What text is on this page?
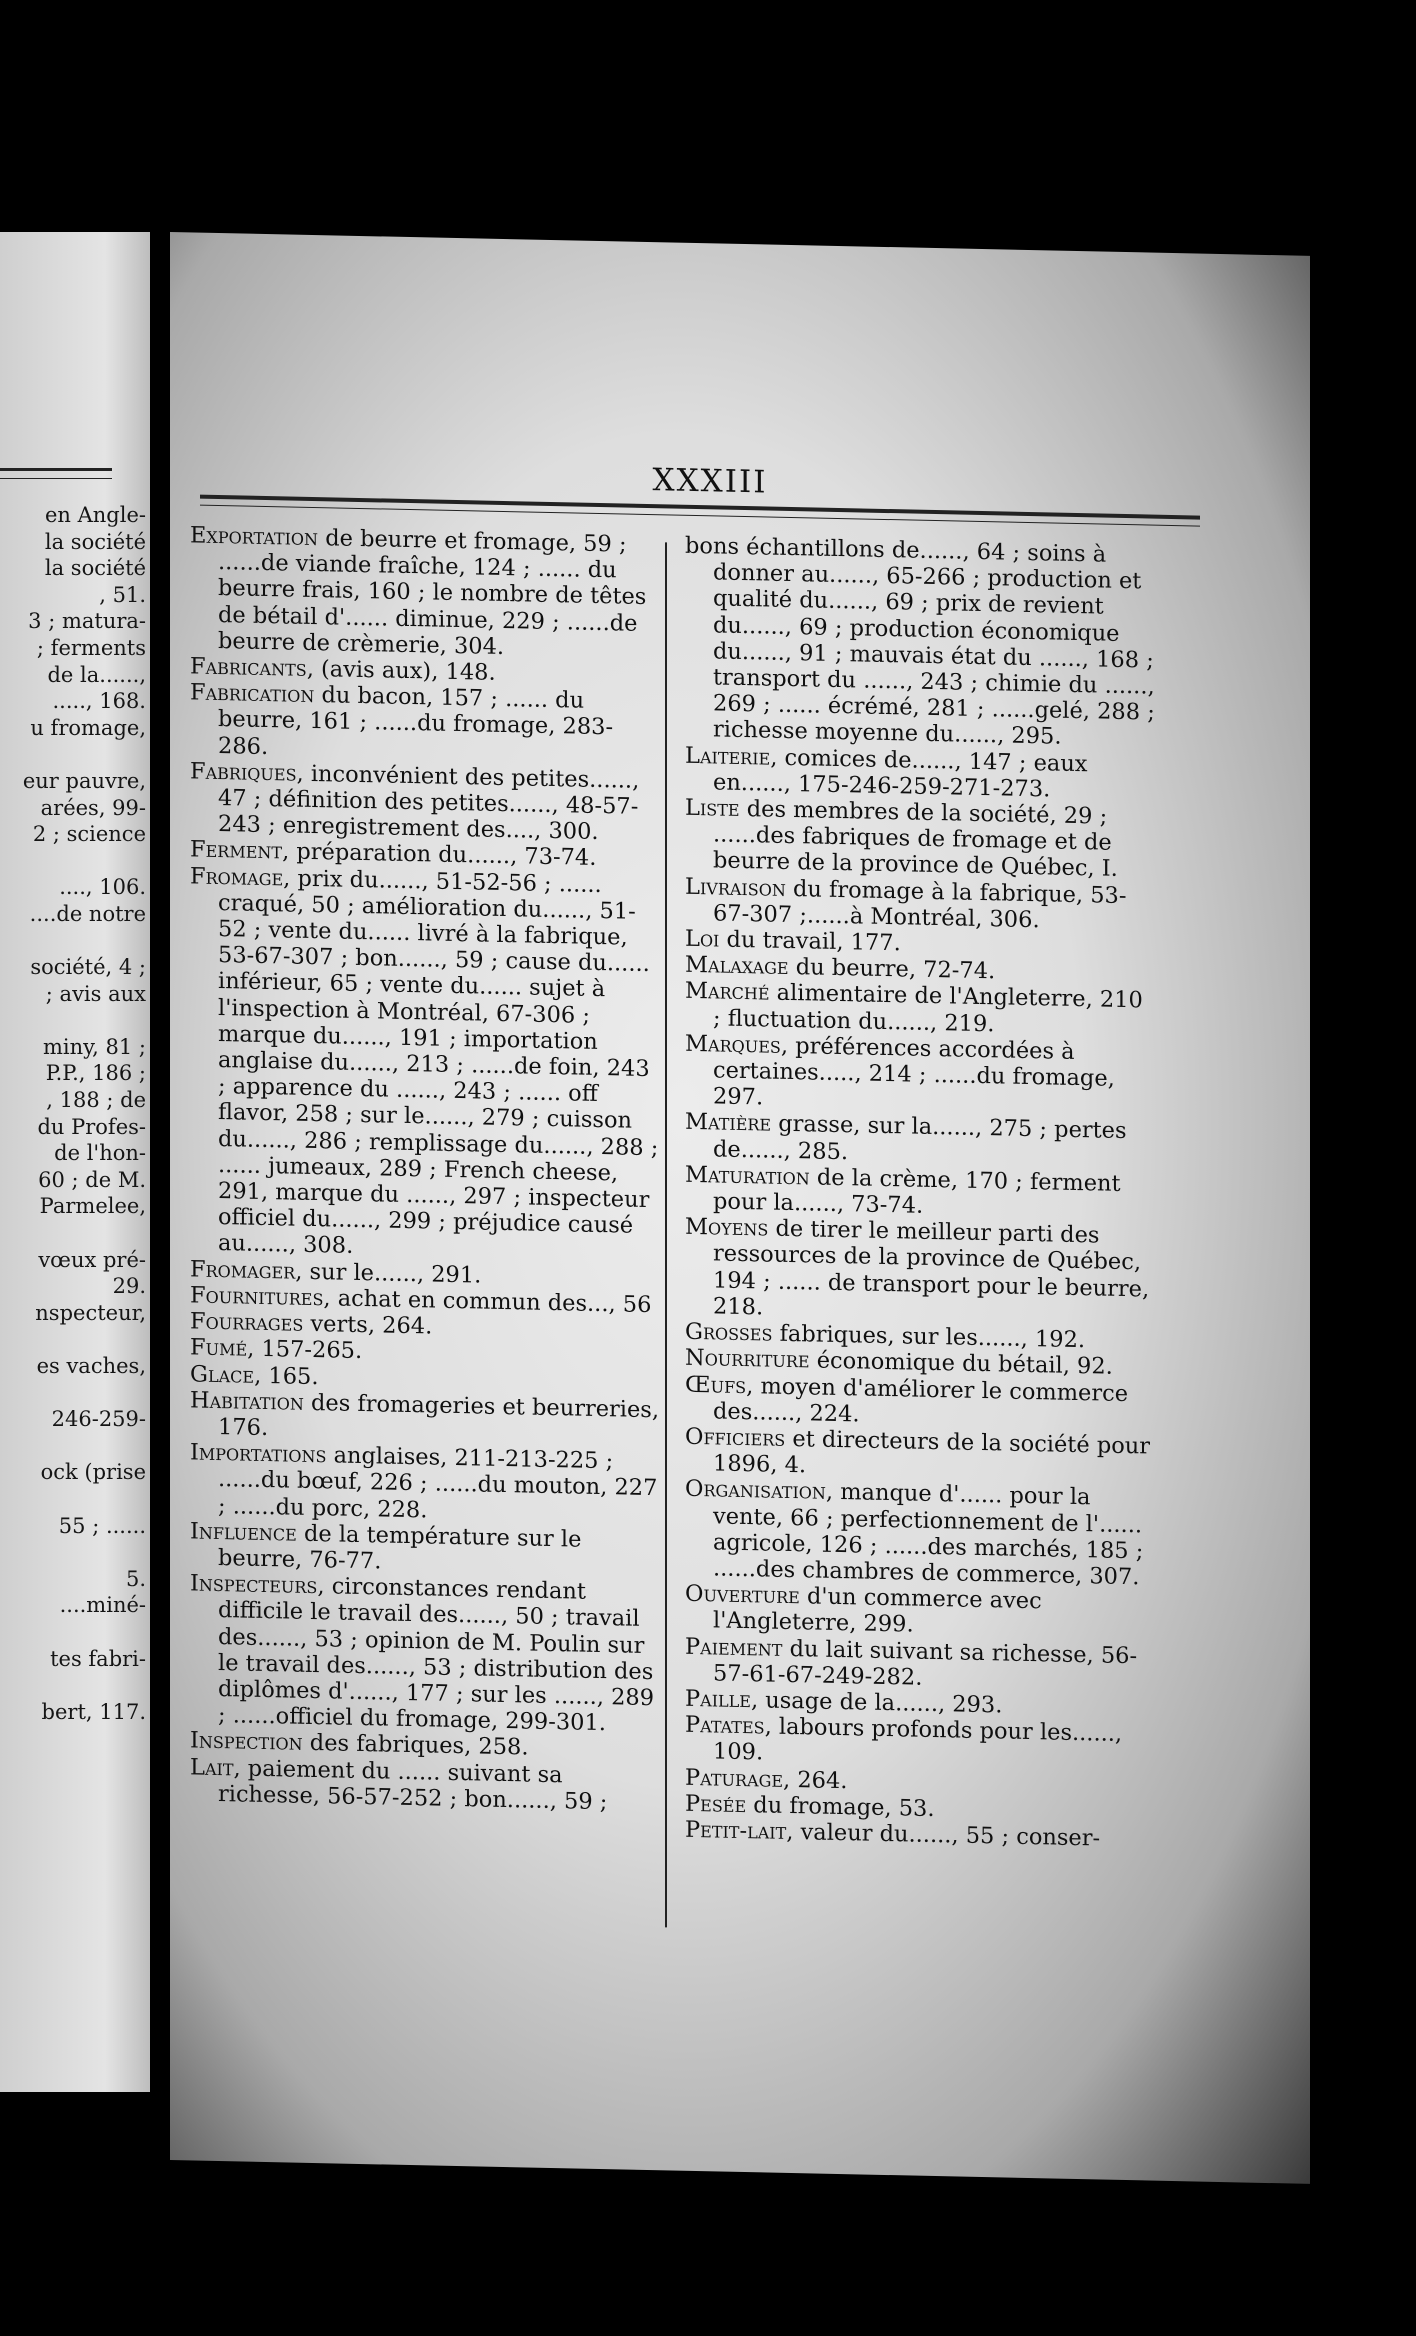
en Angle-
la société
la société
, 51.
3 ; matura-
; ferments
de la......,
....., 168.
u fromage,

eur pauvre,
arées, 99-
2 ; science

...., 106.
....de notre

société, 4 ;
; avis aux

miny, 81 ;
P.P., 186 ;
, 188 ; de
du Profes-
de l'hon-
60 ; de M.
Parmelee,

vœux pré-
29.
nspecteur,

es vaches,

246-259-

ock (prise

55 ; ......

5.
....miné-

tes fabri-

bert, 117.
XXXIII

Exportation de beurre et fromage, 59 ; ......de viande fraîche, 124 ; ...... du beurre frais, 160 ; le nombre de têtes de bétail d'...... diminue, 229 ; ......de beurre de crèmerie, 304.

Fabricants, (avis aux), 148.

Fabrication du bacon, 157 ; ...... du beurre, 161 ; ......du fromage, 283-286.

Fabriques, inconvénient des petites......, 47 ; définition des petites......, 48-57-243 ; enregistrement des...., 300.

Ferment, préparation du......, 73-74.

Fromage, prix du......, 51-52-56 ; ...... craqué, 50 ; amélioration du......, 51-52 ; vente du...... livré à la fabrique, 53-67-307 ; bon......, 59 ; cause du...... inférieur, 65 ; vente du...... sujet à l'inspection à Montréal, 67-306 ; marque du......, 191 ; importation anglaise du......, 213 ; ......de foin, 243 ; apparence du ......, 243 ; ...... off flavor, 258 ; sur le......, 279 ; cuisson du......, 286 ; remplissage du......, 288 ; ...... jumeaux, 289 ; French cheese, 291, marque du ......, 297 ; inspecteur officiel du......, 299 ; préjudice causé au......, 308.

Fromager, sur le......, 291.

Fournitures, achat en commun des..., 56

Fourrages verts, 264.

Fumé, 157-265.

Glace, 165.

Habitation des fromageries et beurreries, 176.

Importations anglaises, 211-213-225 ; ......du bœuf, 226 ; ......du mouton, 227 ; ......du porc, 228.

Influence de la température sur le beurre, 76-77.

Inspecteurs, circonstances rendant difficile le travail des......, 50 ; travail des......, 53 ; opinion de M. Poulin sur le travail des......, 53 ; distribution des diplômes d'......, 177 ; sur les ......, 289 ; ......officiel du fromage, 299-301.

Inspection des fabriques, 258.

Lait, paiement du ...... suivant sa richesse, 56-57-252 ; bon......, 59 ;

bons échantillons de......, 64 ; soins à donner au......, 65-266 ; production et qualité du......, 69 ; prix de revient du......, 69 ; production économique du......, 91 ; mauvais état du ......, 168 ; transport du ......, 243 ; chimie du ......, 269 ; ...... écrémé, 281 ; ......gelé, 288 ; richesse moyenne du......, 295.

Laiterie, comices de......, 147 ; eaux en......, 175-246-259-271-273.

Liste des membres de la société, 29 ; ......des fabriques de fromage et de beurre de la province de Québec, I.

Livraison du fromage à la fabrique, 53-67-307 ;......à Montréal, 306.

Loi du travail, 177.

Malaxage du beurre, 72-74.

Marché alimentaire de l'Angleterre, 210 ; fluctuation du......, 219.

Marques, préférences accordées à certaines....., 214 ; ......du fromage, 297.

Matière grasse, sur la......, 275 ; pertes de......, 285.

Maturation de la crème, 170 ; ferment pour la......, 73-74.

Moyens de tirer le meilleur parti des ressources de la province de Québec, 194 ; ...... de transport pour le beurre, 218.

Grosses fabriques, sur les......, 192.

Nourriture économique du bétail, 92.

Œufs, moyen d'améliorer le commerce des......, 224.

Officiers et directeurs de la société pour 1896, 4.

Organisation, manque d'...... pour la vente, 66 ; perfectionnement de l'...... agricole, 126 ; ......des marchés, 185 ; ......des chambres de commerce, 307.

Ouverture d'un commerce avec l'Angleterre, 299.

Paiement du lait suivant sa richesse, 56-57-61-67-249-282.

Paille, usage de la......, 293.

Patates, labours profonds pour les......, 109.

Paturage, 264.

Pesée du fromage, 53.

Petit-lait, valeur du......, 55 ; conser-
